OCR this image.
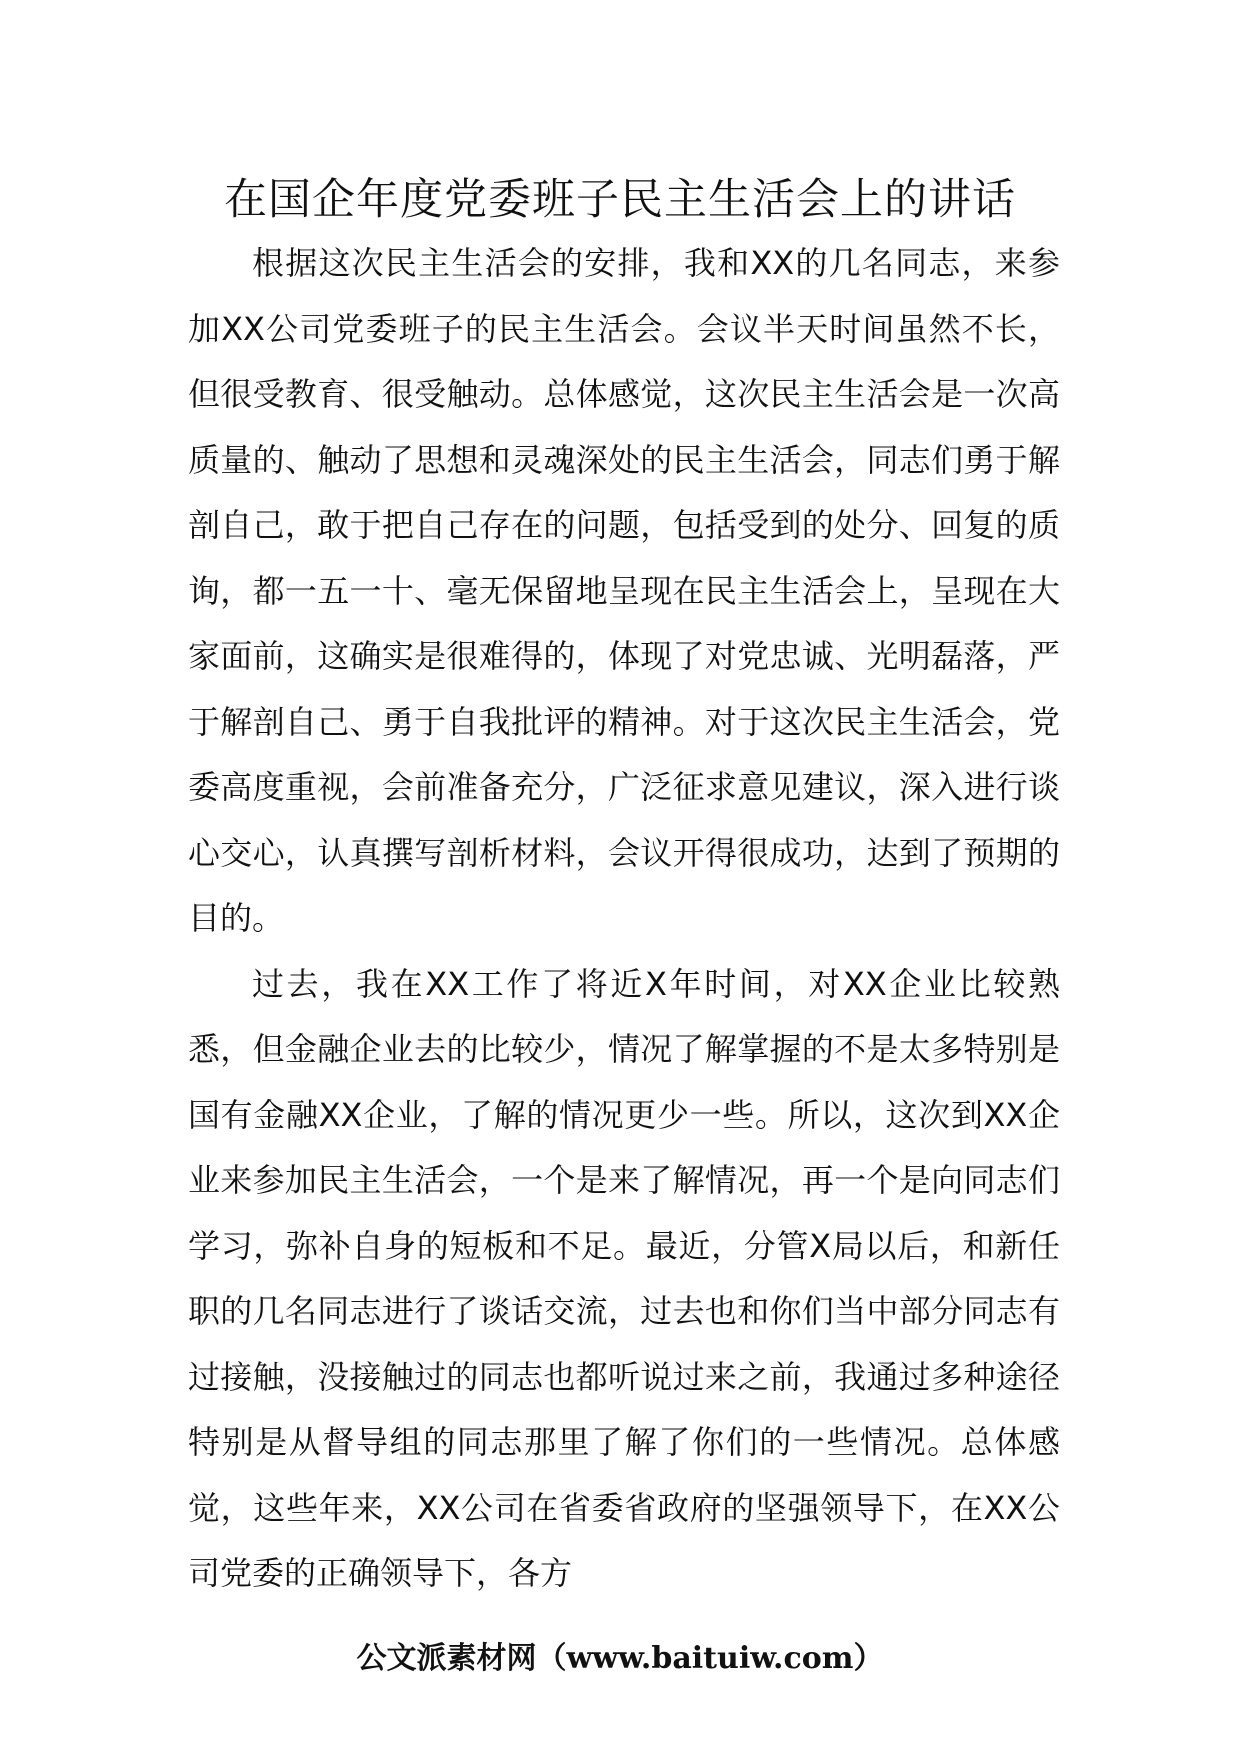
在国企年度党委班子民主生活会上的讲话

根据这次民主生活会的安排，我和XX的几名同志，来参加XX公司党委班子的民主生活会。会议半天时间虽然不长，但很受教育、很受触动。总体感觉，这次民主生活会是一次高质量的、触动了思想和灵魂深处的民主生活会，同志们勇于解剖自己，敢于把自己存在的问题，包括受到的处分、回复的质询，都一五一十、毫无保留地呈现在民主生活会上，呈现在大家面前，这确实是很难得的，体现了对党忠诚、光明磊落，严于解剖自己、勇于自我批评的精神。对于这次民主生活会，党委高度重视，会前准备充分，广泛征求意见建议，深入进行谈心交心，认真撰写剖析材料，会议开得很成功，达到了预期的目的。

过去，我在XX工作了将近X年时间，对XX企业比较熟悉，但金融企业去的比较少，情况了解掌握的不是太多特别是国有金融XX企业，了解的情况更少一些。所以，这次到XX企业来参加民主生活会，一个是来了解情况，再一个是向同志们学习，弥补自身的短板和不足。最近，分管X局以后，和新任职的几名同志进行了谈话交流，过去也和你们当中部分同志有过接触，没接触过的同志也都听说过来之前，我通过多种途径特别是从督导组的同志那里了解了你们的一些情况。总体感觉，这些年来，XX公司在省委省政府的坚强领导下，在XX公司党委的正确领导下，各方

公文派素材网（www.baituiw.com）
